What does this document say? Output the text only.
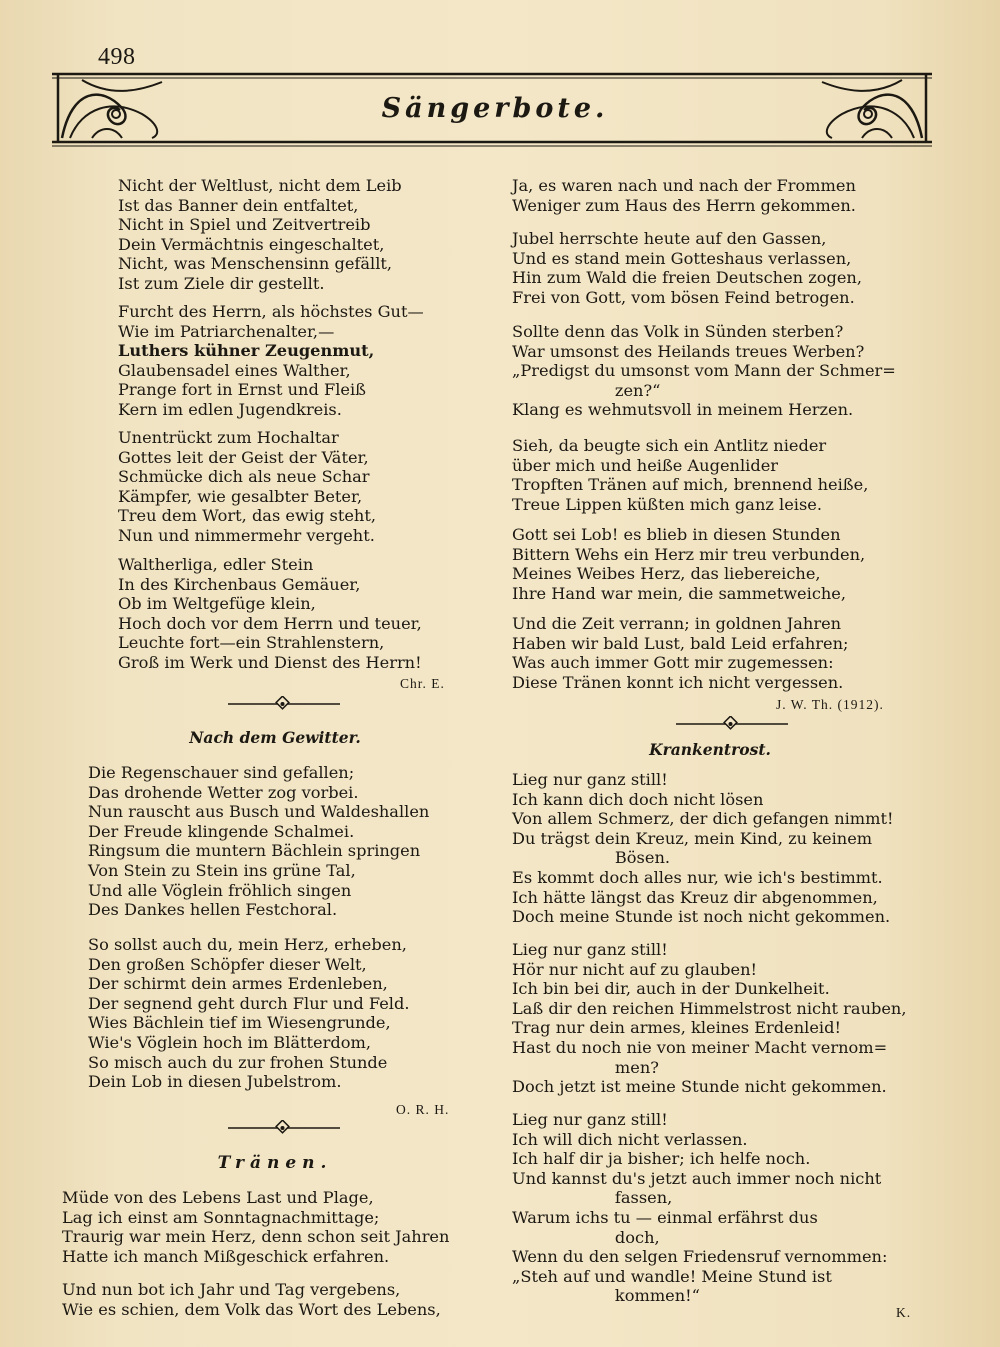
498
Sängerbote.
Nicht der Weltlust, nicht dem Leib
Ist das Banner dein entfaltet,
Nicht in Spiel und Zeitvertreib
Dein Vermächtnis eingeschaltet,
Nicht, was Menschensinn gefällt,
Ist zum Ziele dir gestellt.
Furcht des Herrn, als höchstes Gut—
Wie im Patriarchenalter,—
Luthers kühner Zeugenmut,
Glaubensadel eines Walther,
Prange fort in Ernst und Fleiß
Kern im edlen Jugendkreis.
Unentrückt zum Hochaltar
Gottes leit der Geist der Väter,
Schmücke dich als neue Schar
Kämpfer, wie gesalbter Beter,
Treu dem Wort, das ewig steht,
Nun und nimmermehr vergeht.
Waltherliga, edler Stein
In des Kirchenbaus Gemäuer,
Ob im Weltgefüge klein,
Hoch doch vor dem Herrn und teuer,
Leuchte fort—ein Strahlenstern,
Groß im Werk und Dienst des Herrn!
Chr. E.
Nach dem Gewitter.
Die Regenschauer sind gefallen;
Das drohende Wetter zog vorbei.
Nun rauscht aus Busch und Waldeshallen
Der Freude klingende Schalmei.
Ringsum die muntern Bächlein springen
Von Stein zu Stein ins grüne Tal,
Und alle Vöglein fröhlich singen
Des Dankes hellen Festchoral.
So sollst auch du, mein Herz, erheben,
Den großen Schöpfer dieser Welt,
Der schirmt dein armes Erdenleben,
Der segnend geht durch Flur und Feld.
Wies Bächlein tief im Wiesengrunde,
Wie's Vöglein hoch im Blätterdom,
So misch auch du zur frohen Stunde
Dein Lob in diesen Jubelstrom.
O. R. H.
Tränen.
Müde von des Lebens Last und Plage,
Lag ich einst am Sonntagnachmittage;
Traurig war mein Herz, denn schon seit Jahren
Hatte ich manch Mißgeschick erfahren.
Und nun bot ich Jahr und Tag vergebens,
Wie es schien, dem Volk das Wort des Lebens,
Ja, es waren nach und nach der Frommen
Weniger zum Haus des Herrn gekommen.
Jubel herrschte heute auf den Gassen,
Und es stand mein Gotteshaus verlassen,
Hin zum Wald die freien Deutschen zogen,
Frei von Gott, vom bösen Feind betrogen.
Sollte denn das Volk in Sünden sterben?
War umsonst des Heilands treues Werben?
„Predigst du umsonst vom Mann der Schmer=
zen?“
Klang es wehmutsvoll in meinem Herzen.
Sieh, da beugte sich ein Antlitz nieder
über mich und heiße Augenlider
Tropften Tränen auf mich, brennend heiße,
Treue Lippen küßten mich ganz leise.
Gott sei Lob! es blieb in diesen Stunden
Bittern Wehs ein Herz mir treu verbunden,
Meines Weibes Herz, das liebereiche,
Ihre Hand war mein, die sammetweiche,
Und die Zeit verrann; in goldnen Jahren
Haben wir bald Lust, bald Leid erfahren;
Was auch immer Gott mir zugemessen:
Diese Tränen konnt ich nicht vergessen.
J. W. Th. (1912).
Krankentrost.
Lieg nur ganz still!
Ich kann dich doch nicht lösen
Von allem Schmerz, der dich gefangen nimmt!
Du trägst dein Kreuz, mein Kind, zu keinem
Bösen.
Es kommt doch alles nur, wie ich's bestimmt.
Ich hätte längst das Kreuz dir abgenommen,
Doch meine Stunde ist noch nicht gekommen.
Lieg nur ganz still!
Hör nur nicht auf zu glauben!
Ich bin bei dir, auch in der Dunkelheit.
Laß dir den reichen Himmelstrost nicht rauben,
Trag nur dein armes, kleines Erdenleid!
Hast du noch nie von meiner Macht vernom=
men?
Doch jetzt ist meine Stunde nicht gekommen.
Lieg nur ganz still!
Ich will dich nicht verlassen.
Ich half dir ja bisher; ich helfe noch.
Und kannst du's jetzt auch immer noch nicht
fassen,
Warum ichs tu — einmal erfährst dus
doch,
Wenn du den selgen Friedensruf vernommen:
„Steh auf und wandle! Meine Stund ist
kommen!“
K.
